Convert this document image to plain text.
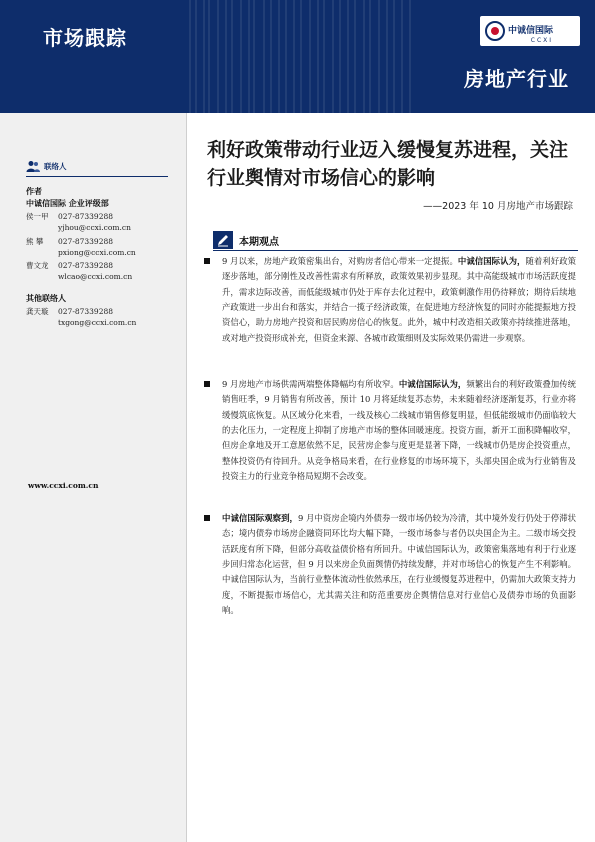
市场跟踪	中诚信国际
CCXI
房地产行业
联络人
作者
中诚信国际 企业评级部
侯一甲 027-87339288
yjhou@ccxi.com.cn
熊 攀 027-87339288
pxiong@ccxi.com.cn
曹文龙 027-87339288
wlcao@ccxi.com.cn
其他联络人
龚天璇 027-87339288
txgong@ccxi.com.cn
www.ccxi.com.cn
利好政策带动行业迈入缓慢复苏进程，关注行业舆情对市场信心的影响
——2023 年 10 月房地产市场跟踪
本期观点
9 月以来，房地产政策密集出台，对购房者信心带来一定提振。中诚信国际认为，随着利好政策逐步落地，部分刚性及改善性需求有所释放，政策效果初步显现。其中高能级城市市场活跃度提升，需求边际改善，而低能级城市仍处于库存去化过程中，政策刺激作用仍待释放；期待后续地产政策进一步出台和落实，并结合一揽子经济政策，在促进地方经济恢复的同时亦能提振地方投资信心，助力房地产投资和居民购房信心的恢复。此外，城中村改造相关政策亦持续推进落地，或对地产投资形成补充，但资金来源、各城市政策细则及实际效果仍需进一步观察。
9 月房地产市场供需两端整体降幅均有所收窄。中诚信国际认为，频繁出台的利好政策叠加传统销售旺季，9 月销售有所改善，预计 10 月将延续复苏态势，未来随着经济逐渐复苏，行业亦将缓慢筑底恢复。从区域分化来看，一线及核心二线城市销售修复明显，但低能级城市仍面临较大的去化压力，一定程度上抑制了房地产市场的整体回暖速度。投资方面，新开工面积降幅收窄，但房企拿地及开工意愿依然不足，民营房企参与度更是显著下降，一线城市仍是房企投资重点，整体投资仍有待回升。从竞争格局来看，在行业修复的市场环境下，头部央国企成为行业销售及投资主力的行业竞争格局短期不会改变。
中诚信国际观察到，9 月中资房企境内外债券一级市场仍较为冷清，其中境外发行仍处于停滞状态；境内债券市场房企融资同环比均大幅下降，一级市场参与者仍以央国企为主。二级市场交投活跃度有所下降，但部分高收益债价格有所回升。中诚信国际认为，政策密集落地有利于行业逐步回归常态化运营，但 9 月以来房企负面舆情仍持续发酵，并对市场信心的恢复产生不利影响。中诚信国际认为，当前行业整体流动性依然承压，在行业缓慢复苏进程中，仍需加大政策支持力度，不断提振市场信心，尤其需关注和防范重要房企舆情信息对行业信心及债券市场的负面影响。
